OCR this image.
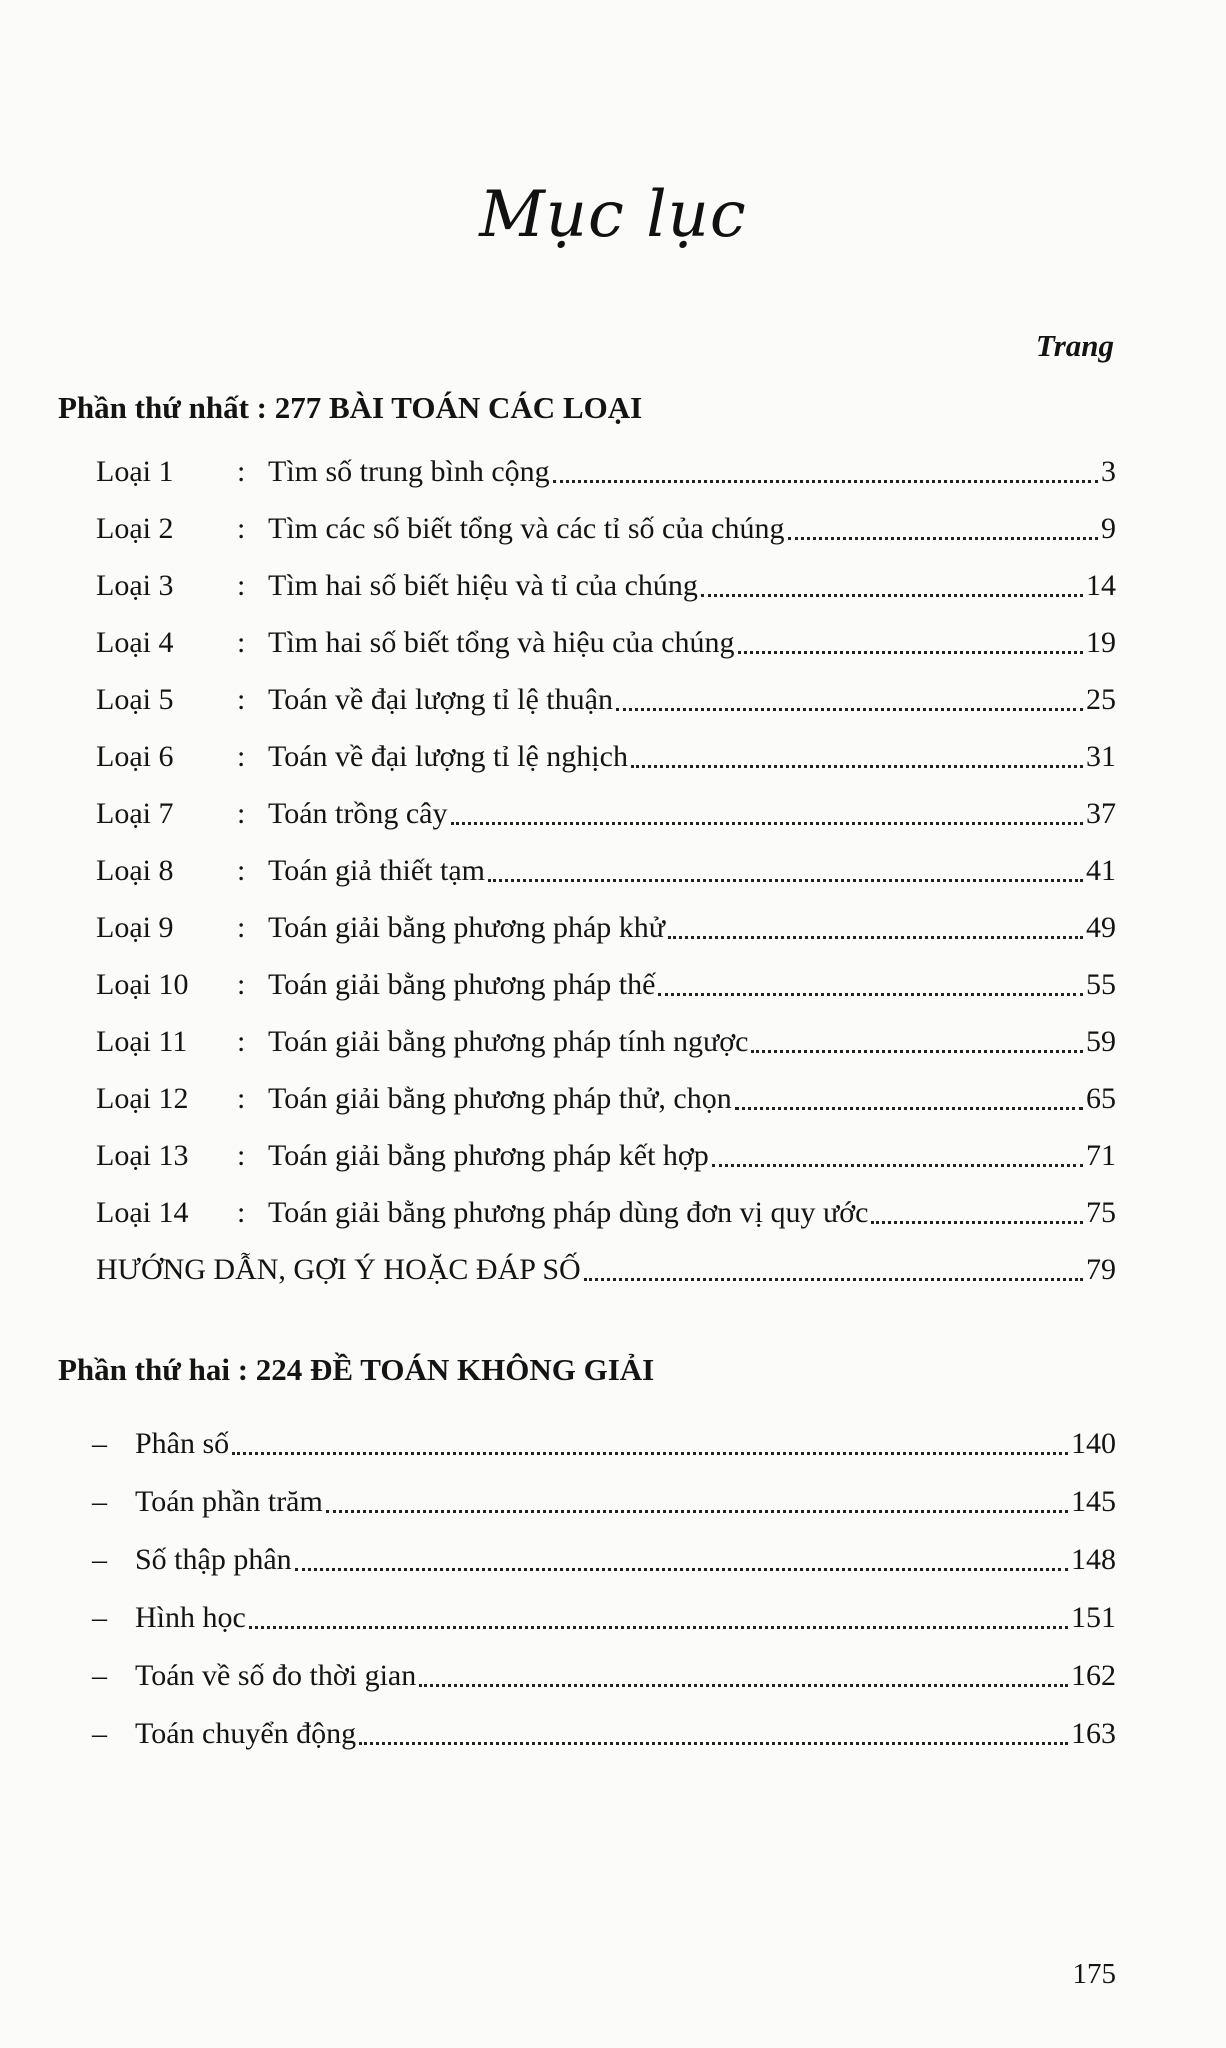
Mục lục
Trang
Phần thứ nhất : 277 BÀI TOÁN CÁC LOẠI
Loại 1 : Tìm số trung bình cộng	3
Loại 2 : Tìm các số biết tổng và các tỉ số của chúng	9
Loại 3 : Tìm hai số biết hiệu và tỉ của chúng	14
Loại 4 : Tìm hai số biết tổng và hiệu của chúng	19
Loại 5 : Toán về đại lượng tỉ lệ thuận	25
Loại 6 : Toán về đại lượng tỉ lệ nghịch	31
Loại 7 : Toán trồng cây	37
Loại 8 : Toán giả thiết tạm	41
Loại 9 : Toán giải bằng phương pháp khử	49
Loại 10 : Toán giải bằng phương pháp thế	55
Loại 11 : Toán giải bằng phương pháp tính ngược	59
Loại 12 : Toán giải bằng phương pháp thử, chọn	65
Loại 13 : Toán giải bằng phương pháp kết hợp	71
Loại 14 : Toán giải bằng phương pháp dùng đơn vị quy ước	75
HƯỚNG DẪN, GỢI Ý HOẶC ĐÁP SỐ	79
Phần thứ hai : 224 ĐỀ TOÁN KHÔNG GIẢI
– Phân số	140
– Toán phần trăm	145
– Số thập phân	148
– Hình học	151
– Toán về số đo thời gian	162
– Toán chuyển động	163
175
